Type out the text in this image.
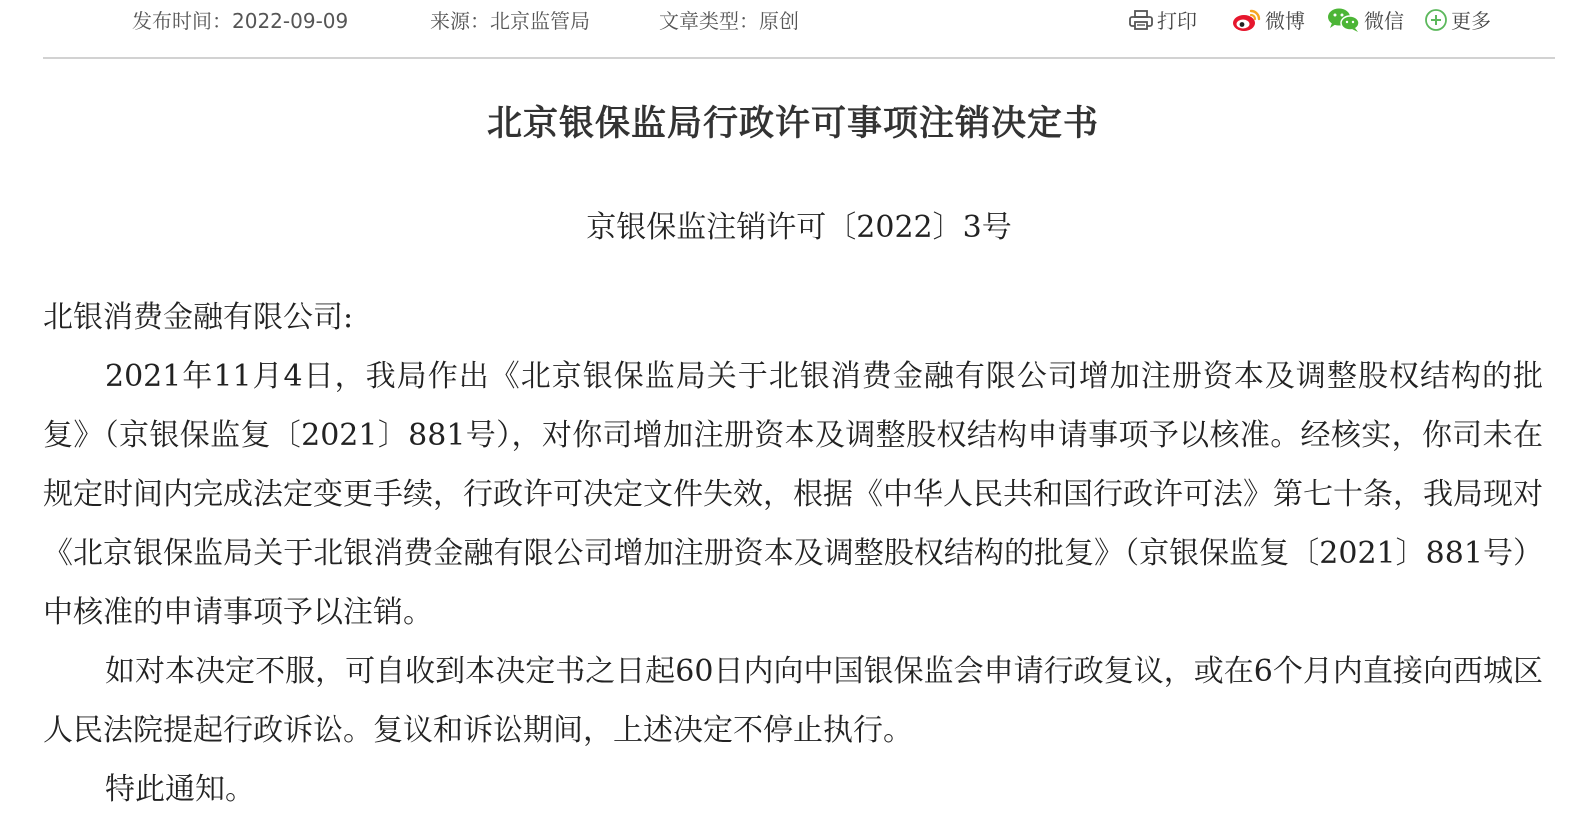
发布时间：2022-09-09	来源：北京监管局	文章类型：原创	打印	微博	微信 更多
北京银保监局行政许可事项注销决定书
京银保监注销许可〔2022〕3号

北银消费金融有限公司:

2021年11月4日，我局作出《北京银保监局关于北银消费金融有限公司增加注册资本及调整股权结构的批复》（京银保监复〔2021〕881号），对你司增加注册资本及调整股权结构申请事项予以核准。经核实，你司未在规定时间内完成法定变更手续，行政许可决定文件失效，根据《中华人民共和国行政许可法》第七十条，我局现对《北京银保监局关于北银消费金融有限公司增加注册资本及调整股权结构的批复》（京银保监复〔2021〕881号）中核准的申请事项予以注销。

如对本决定不服，可自收到本决定书之日起60日内向中国银保监会申请行政复议，或在6个月内直接向西城区人民法院提起行政诉讼。复议和诉讼期间，上述决定不停止执行。

特此通知。
